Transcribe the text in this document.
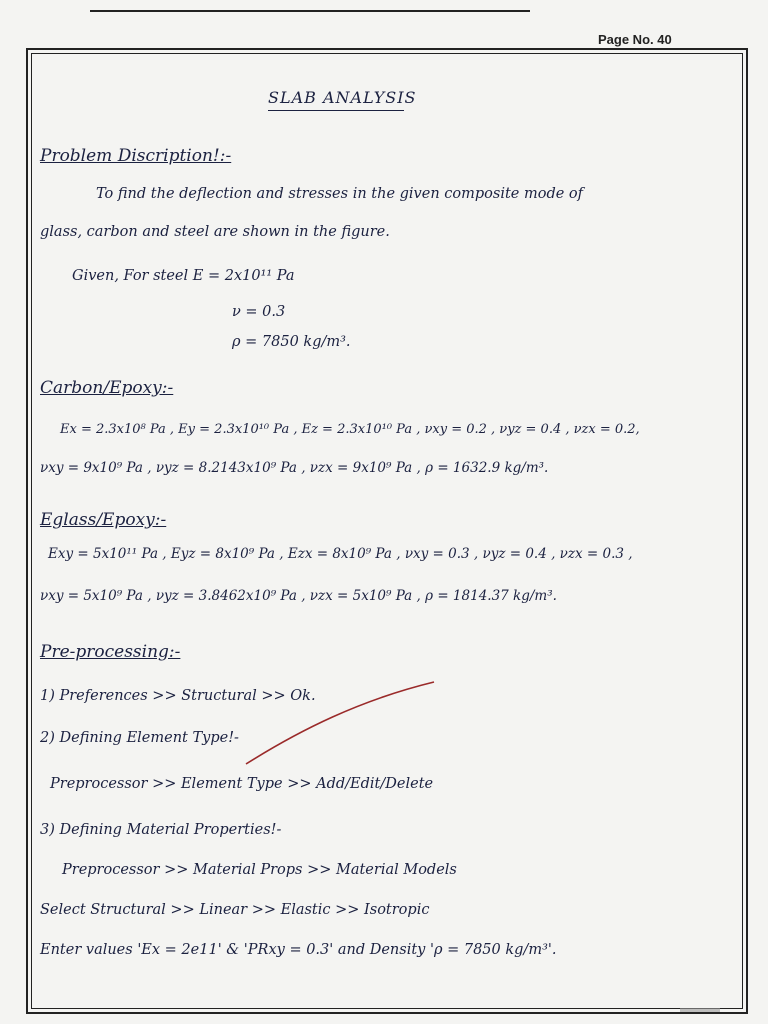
Page No. 40
SLAB ANALYSIS
Problem Discription!:-
To find the deflection and stresses in the given composite mode of
glass, carbon and steel are shown in the figure.
Given, For steel E = 2x10¹¹ Pa
ν = 0.3
ρ = 7850 kg/m³.
Carbon/Epoxy:-
Ex = 2.3x10⁸ Pa , Ey = 2.3x10¹⁰ Pa , Ez = 2.3x10¹⁰ Pa , νxy = 0.2 , νyz = 0.4 , νzx = 0.2,
νxy = 9x10⁹ Pa , νyz = 8.2143x10⁹ Pa , νzx = 9x10⁹ Pa , ρ = 1632.9 kg/m³.
Eglass/Epoxy:-
Exy = 5x10¹¹ Pa , Eyz = 8x10⁹ Pa , Ezx = 8x10⁹ Pa , νxy = 0.3 , νyz = 0.4 , νzx = 0.3 ,
νxy = 5x10⁹ Pa , νyz = 3.8462x10⁹ Pa , νzx = 5x10⁹ Pa , ρ = 1814.37 kg/m³.
Pre-processing:-
1) Preferences >> Structural >> Ok.
2) Defining Element Type!-
Preprocessor >> Element Type >> Add/Edit/Delete
3) Defining Material Properties!-
Preprocessor >> Material Props >> Material Models
Select Structural >> Linear >> Elastic >> Isotropic
Enter values 'Ex = 2e11' & 'PRxy = 0.3' and Density 'ρ = 7850 kg/m³'.
